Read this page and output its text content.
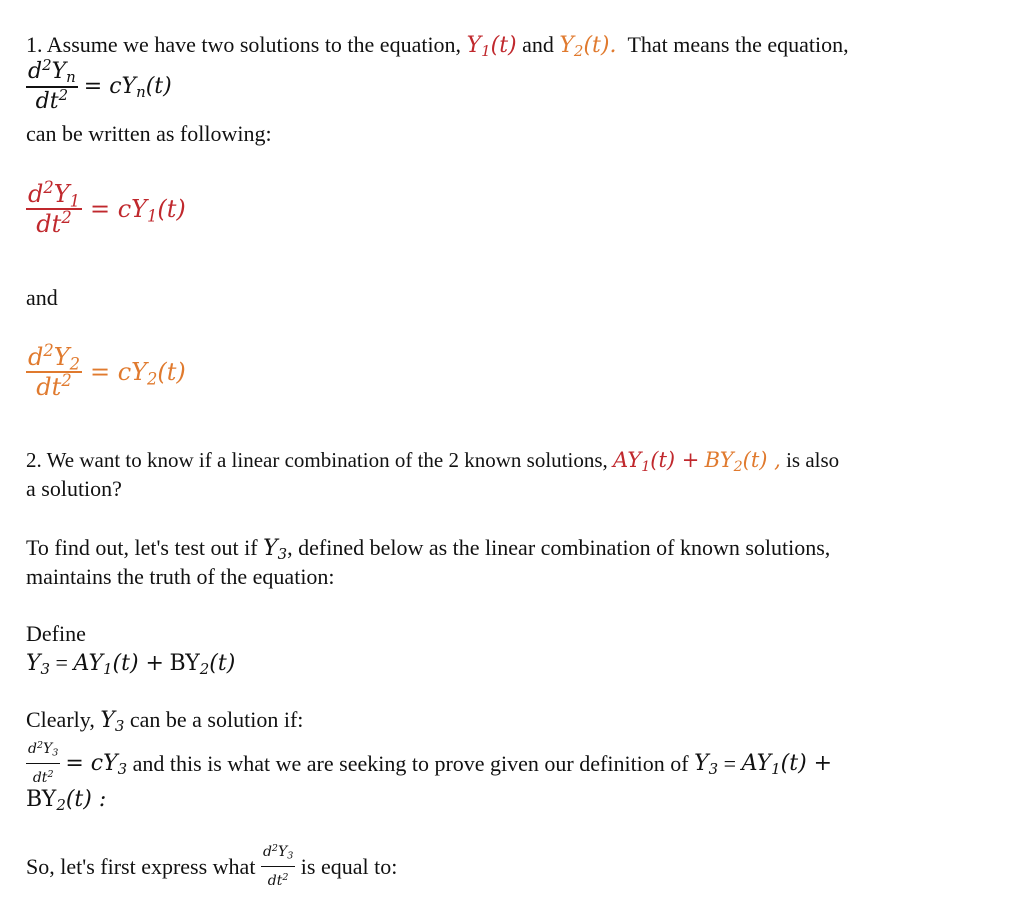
1. Assume we have two solutions to the equation, $Y_1(t)$ and $Y_2(t)$. That means the equation,
$\frac{d^2Y_n}{dt^2} = cY_n(t)$
can be written as following:
$\frac{d^2Y_1}{dt^2} = cY_1(t)$
and
$\frac{d^2Y_2}{dt^2} = cY_2(t)$
2. We want to know if a linear combination of the 2 known solutions, $AY_1(t) + BY_2(t)$ , is also
a solution?
To find out, let's test out if $Y_3$, defined below as the linear combination of known solutions,
maintains the truth of the equation:
Define
$Y_3 = AY_1(t) + BY_2(t)$
Clearly, $Y_3$ can be a solution if:
$\frac{d^2Y_3}{dt^2} = cY_3$
and this is what we are seeking to prove given our definition of
$Y_3$
=
$AY_1(t)$ +
$BY_2(t)$ :
So, let's first express what
$\frac{d^2Y_3}{dt^2}$
is equal to:
